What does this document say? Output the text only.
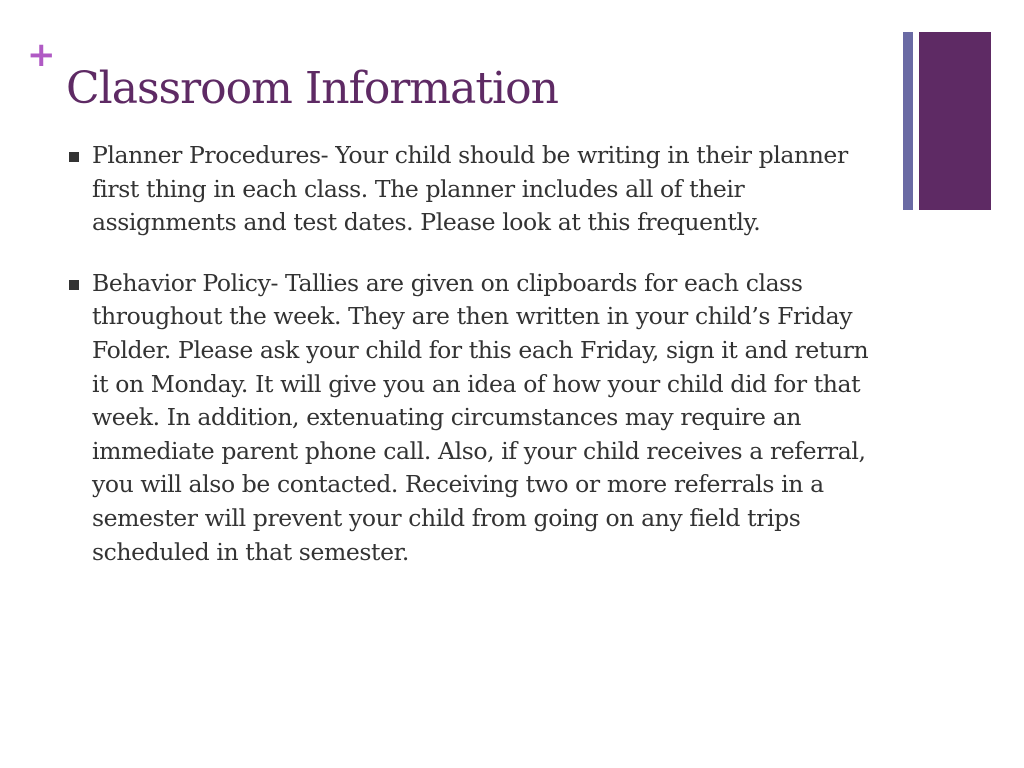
+
Classroom Information
Planner Procedures- Your child should be writing in their planner first thing in each class. The planner includes all of their assignments and test dates. Please look at this frequently.
Behavior Policy- Tallies are given on clipboards for each class throughout the week. They are then written in your child’s Friday Folder. Please ask your child for this each Friday, sign it and return it on Monday. It will give you an idea of how your child did for that week. In addition, extenuating circumstances may require an immediate parent phone call. Also, if your child receives a referral, you will also be contacted. Receiving two or more referrals in a semester will prevent your child from going on any field trips scheduled in that semester.
